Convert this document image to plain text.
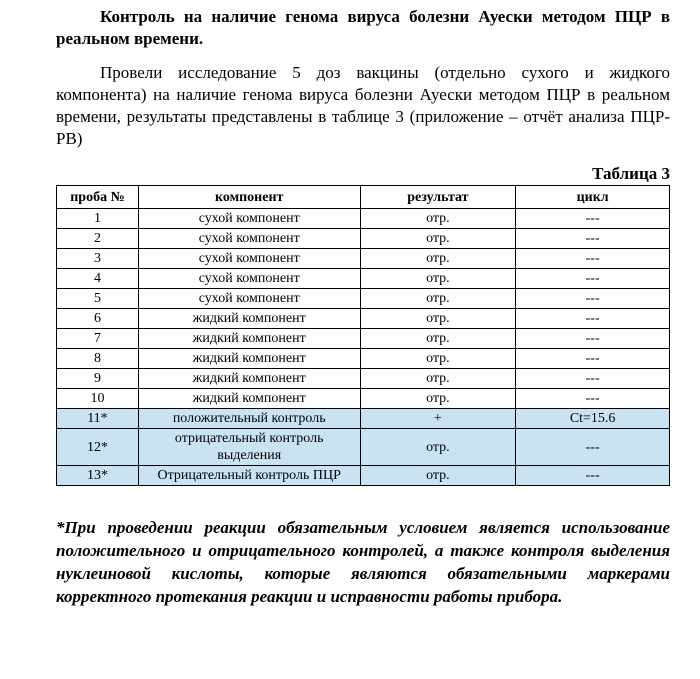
Контроль на наличие генома вируса болезни Ауески методом ПЦР в реальном времени.

Провели исследование 5 доз вакцины (отдельно сухого и жидкого компонента) на наличие генома вируса болезни Ауески методом ПЦР в реальном времени, результаты представлены в таблице 3 (приложение – отчёт анализа ПЦР-РВ)

Таблица 3
проба №	компонент	результат	цикл
1	сухой компонент	отр.	---
2	сухой компонент	отр.	---
3	сухой компонент	отр.	---
4	сухой компонент	отр.	---
5	сухой компонент	отр.	---
6	жидкий компонент	отр.	---
7	жидкий компонент	отр.	---
8	жидкий компонент	отр.	---
9	жидкий компонент	отр.	---
10	жидкий компонент	отр.	---
11*	положительный контроль	+	Ct=15.6
12*	отрицательный контроль выделения	отр.	---
13*	Отрицательный контроль ПЦР	отр.	---

*При проведении реакции обязательным условием является использование положительного и отрицательного контролей, а также контроля выделения нуклеиновой кислоты, которые являются обязательными маркерами корректного протекания реакции и исправности работы прибора.
